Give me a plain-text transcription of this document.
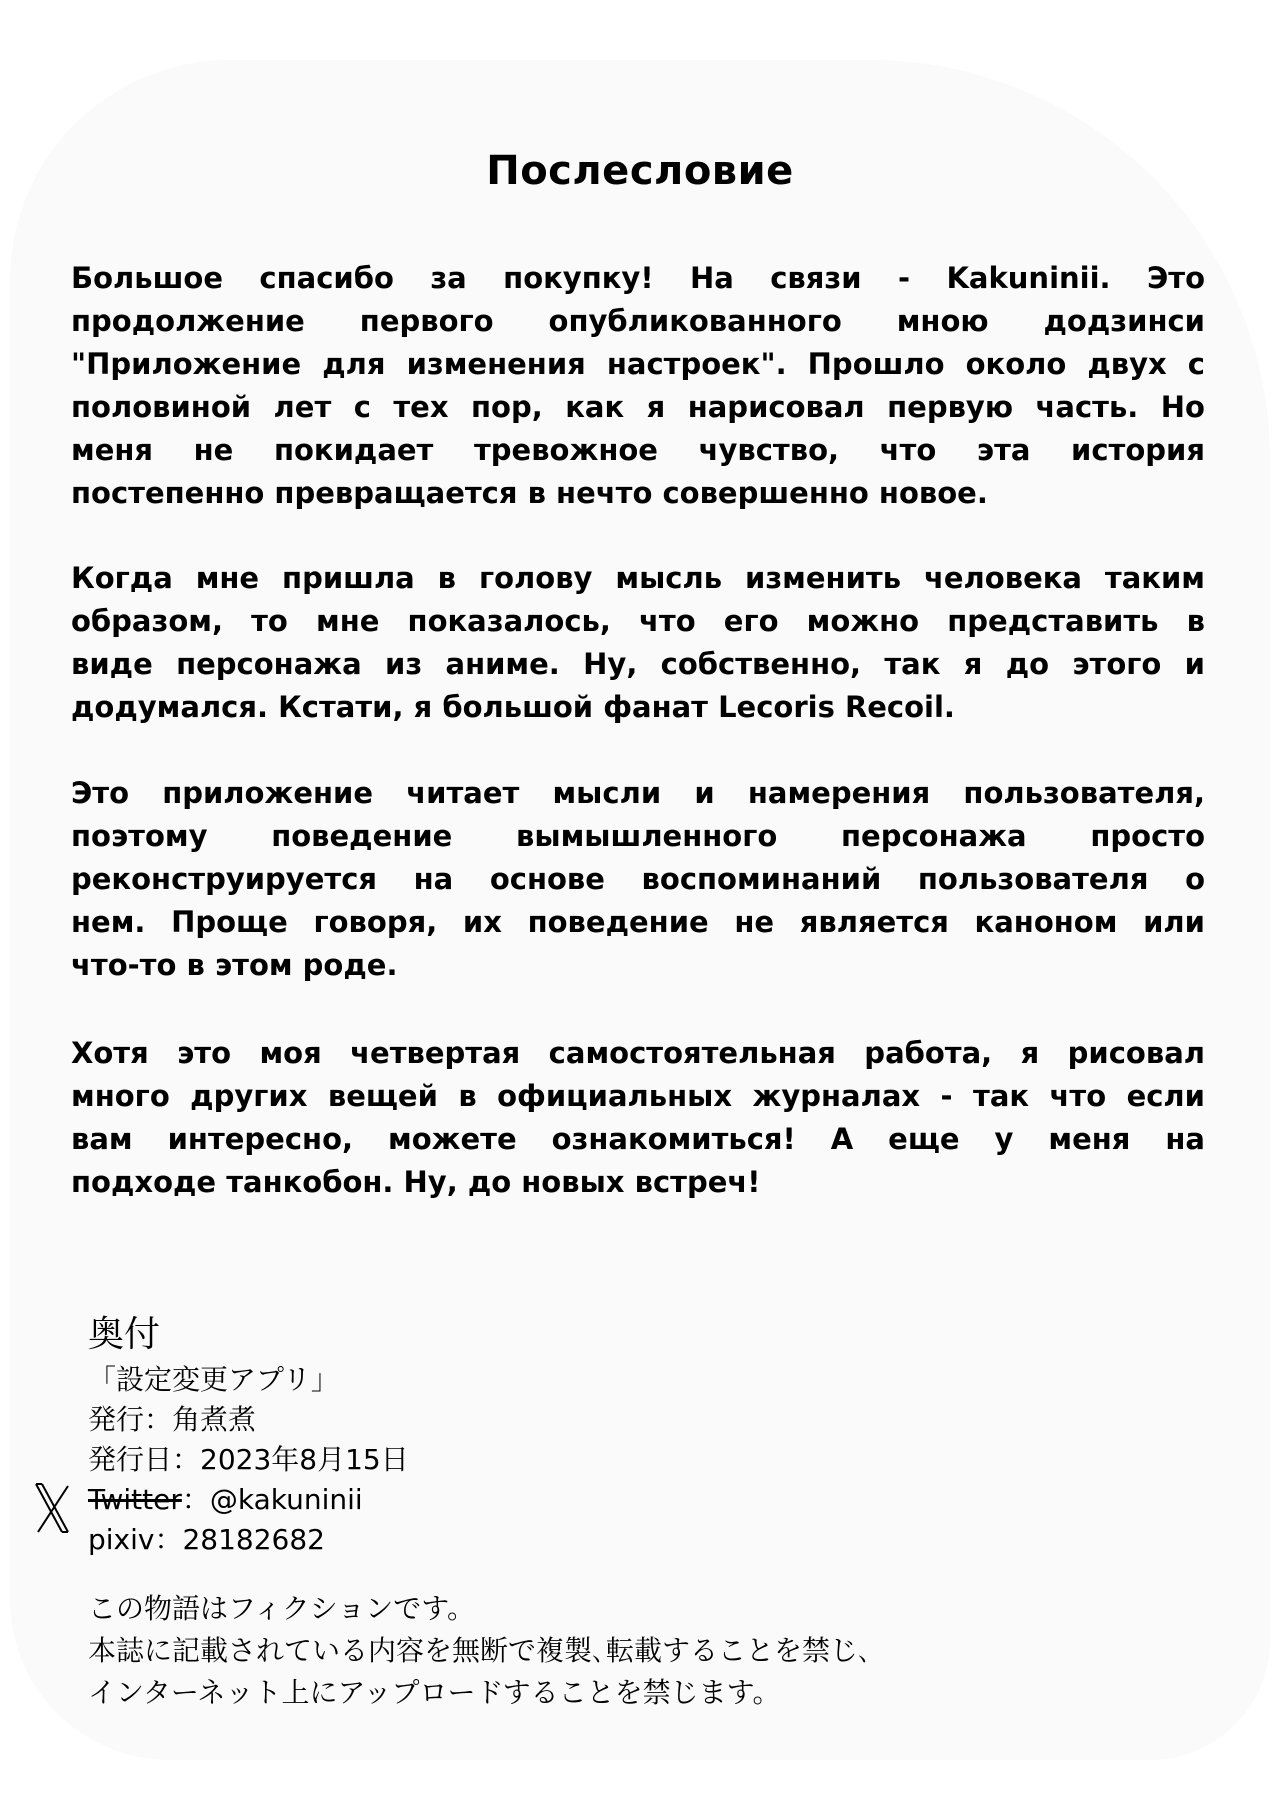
Послесловие
Большое спасибо за покупку! На связи - Kakuninii. Это
продолжение первого опубликованного мною додзинси
"Приложение для изменения настроек". Прошло около двух с
половиной лет с тех пор, как я нарисовал первую часть. Но
меня не покидает тревожное чувство, что эта история
постепенно превращается в нечто совершенно новое.
Когда мне пришла в голову мысль изменить человека таким
образом, то мне показалось, что его можно представить в
виде персонажа из аниме. Ну, собственно, так я до этого и
додумался. Кстати, я большой фанат Lecoris Recoil.
Это приложение читает мысли и намерения пользователя,
поэтому поведение вымышленного персонажа просто
реконструируется на основе воспоминаний пользователя о
нем. Проще говоря, их поведение не является каноном или
что-то в этом роде.
Хотя это моя четвертая самостоятельная работа, я рисовал
много других вещей в официальных журналах - так что если
вам интересно, можете ознакомиться! А еще у меня на
подходе танкобон. Ну, до новых встреч!
奥付
「設定変更アプリ」
発行：角煮煮
発行日：2023年8月15日
Twitter：@kakuninii
pixiv：28182682
この物語はフィクションです。
本誌に記載されている内容を無断で複製､転載することを禁じ､
インターネット上にアップロードすることを禁じます。
